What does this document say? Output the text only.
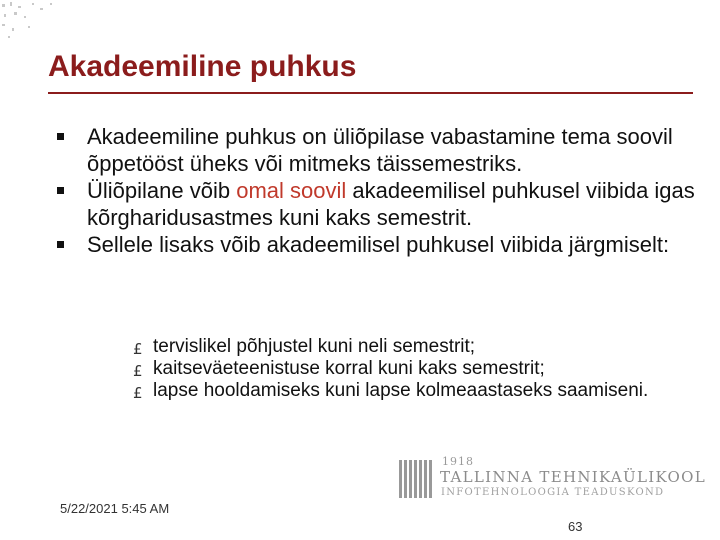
Akadeemiline puhkus
Akadeemiline puhkus on üliõpilase vabastamine tema soovil õppetööst üheks või mitmeks täissemestriks.
Üliõpilane võib omal soovil akadeemilisel puhkusel viibida igas kõrgharidusastmes kuni kaks semestrit.
Sellele lisaks võib akadeemilisel puhkusel viibida järgmiselt:
£ tervislikel põhjustel kuni neli semestrit;
£ kaitseväeteenistuse korral kuni kaks semestrit;
£ lapse hooldamiseks kuni lapse kolmeaastaseks saamiseni.
1918
TALLINNA TEHNIKAÜLIKOOL
INFOTEHNOLOOGIA TEADUSKOND
5/22/2021 5:45 AM
63
